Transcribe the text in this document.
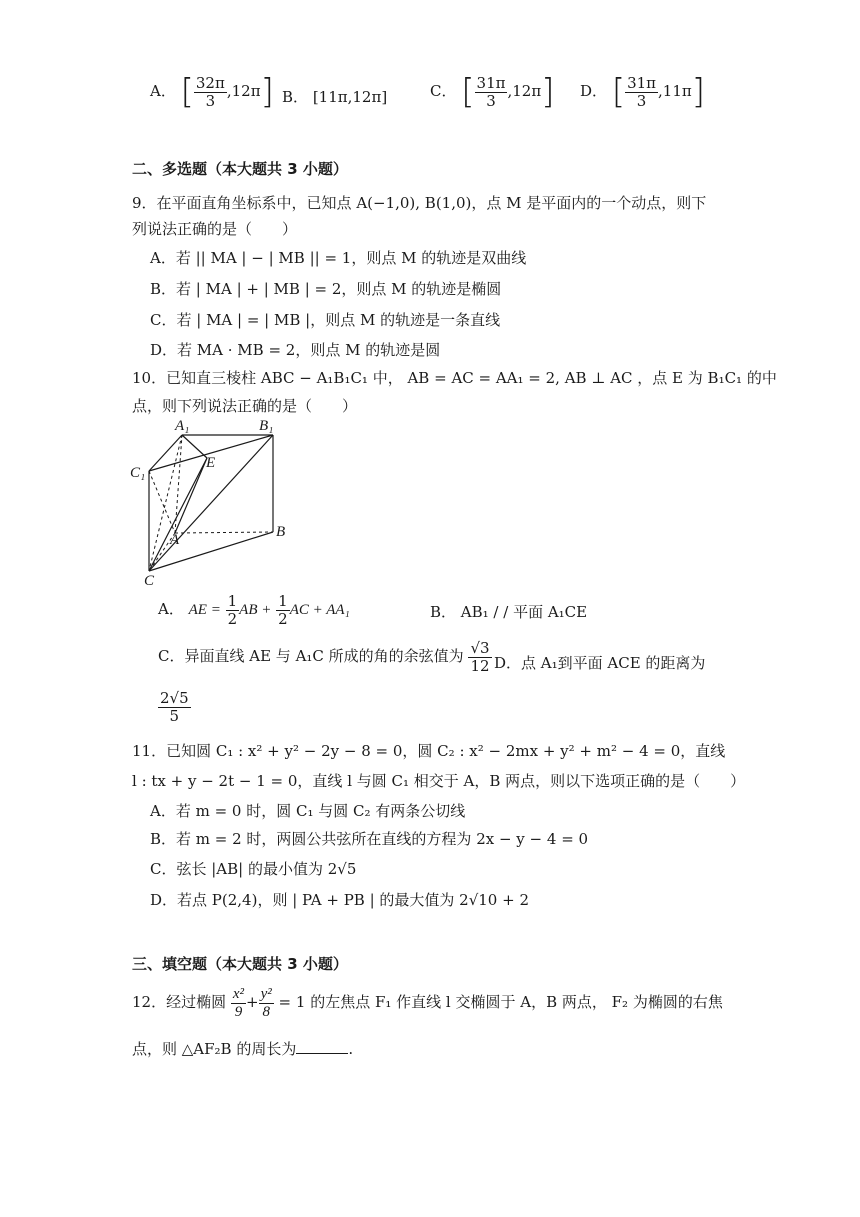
A． [ $\frac{32\pi}{3} ,12\pi$] B． [11π,12π]	C． [ $\frac{31\pi}{3} ,12\pi$] D． [ $\frac{31\pi}{3} ,11\pi$]
二、多选题（本大题共 3 小题）
9．在平面直角坐标系中，已知点 A(−1,0), B(1,0)，点 M 是平面内的一个动点，则下
列说法正确的是（　　）
A．若 || MA | − | MB || = 1，则点 M 的轨迹是双曲线
B．若 | MA | + | MB | = 2，则点 M 的轨迹是椭圆
C．若 | MA | = | MB |，则点 M 的轨迹是一条直线
D．若 MA · MB = 2，则点 M 的轨迹是圆
10．已知直三棱柱 ABC − A₁B₁C₁ 中， AB = AC = AA₁ = 2, AB ⊥ AC ，点 E 为 B₁C₁ 的中
点，则下列说法正确的是（　　）
A₁	B₁
C₁
E
A	B
C
A． AE = $\frac{1}{2}$ AB + $\frac{1}{2}$ AC + AA₁	B． AB₁ / / 平面 A₁CE
C．异面直线 AE 与 A₁C 所成的角的余弦值为 $\frac{√3}{12}$ D．点 A₁到平面 ACE 的距离为
$\frac{2√5}{5}$
11．已知圆 C₁ : x² + y² − 2y − 8 = 0，圆 C₂ : x² − 2mx + y² + m² − 4 = 0，直线
l : tx + y − 2t − 1 = 0，直线 l 与圆 C₁ 相交于 A，B 两点，则以下选项正确的是（　　）
A．若 m = 0 时，圆 C₁ 与圆 C₂ 有两条公切线
B．若 m = 2 时，两圆公共弦所在直线的方程为 2x − y − 4 = 0
C．弦长 |AB| 的最小值为 2√5
D．若点 P(2,4)，则 | PA + PB | 的最大值为 2√10 + 2
三、填空题（本大题共 3 小题）
12．经过椭圆 $\frac{\text{x²}}{9} + \frac{\text{y²}}{8} = 1$ 的左焦点 F₁ 作直线 l 交椭圆于 A，B 两点， F₂ 为椭圆的右焦
点，则 △AF₂B 的周长为	.
